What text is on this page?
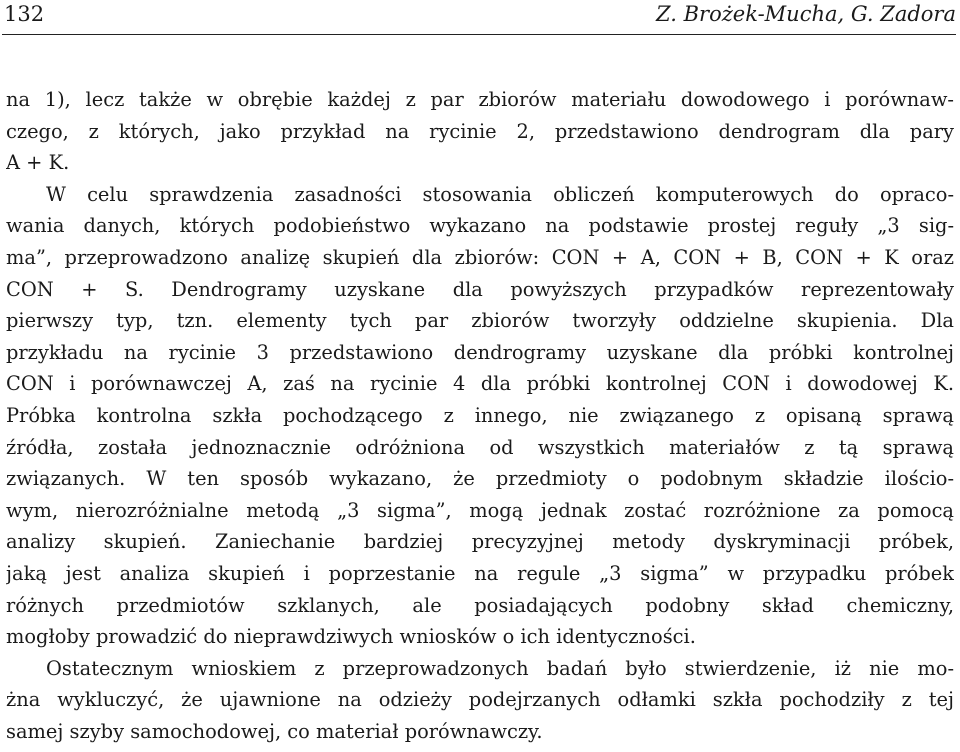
132	Z. Brożek-Mucha, G. Zadora
na 1), lecz także w obrębie każdej z par zbiorów materiału dowodowego i porównaw-
czego, z których, jako przykład na rycinie 2, przedstawiono dendrogram dla pary
A + K.
W celu sprawdzenia zasadności stosowania obliczeń komputerowych do opraco-
wania danych, których podobieństwo wykazano na podstawie prostej reguły „3 sig-
ma”, przeprowadzono analizę skupień dla zbiorów: CON + A, CON + B, CON + K oraz
CON + S. Dendrogramy uzyskane dla powyższych przypadków reprezentowały
pierwszy typ, tzn. elementy tych par zbiorów tworzyły oddzielne skupienia. Dla
przykładu na rycinie 3 przedstawiono dendrogramy uzyskane dla próbki kontrolnej
CON i porównawczej A, zaś na rycinie 4 dla próbki kontrolnej CON i dowodowej K.
Próbka kontrolna szkła pochodzącego z innego, nie związanego z opisaną sprawą
źródła, została jednoznacznie odróżniona od wszystkich materiałów z tą sprawą
związanych. W ten sposób wykazano, że przedmioty o podobnym składzie ilościo-
wym, nierozróżnialne metodą „3 sigma”, mogą jednak zostać rozróżnione za pomocą
analizy skupień. Zaniechanie bardziej precyzyjnej metody dyskryminacji próbek,
jaką jest analiza skupień i poprzestanie na regule „3 sigma” w przypadku próbek
różnych przedmiotów szklanych, ale posiadających podobny skład chemiczny,
mogłoby prowadzić do nieprawdziwych wniosków o ich identyczności.
Ostatecznym wnioskiem z przeprowadzonych badań było stwierdzenie, iż nie mo-
żna wykluczyć, że ujawnione na odzieży podejrzanych odłamki szkła pochodziły z tej
samej szyby samochodowej, co materiał porównawczy.
